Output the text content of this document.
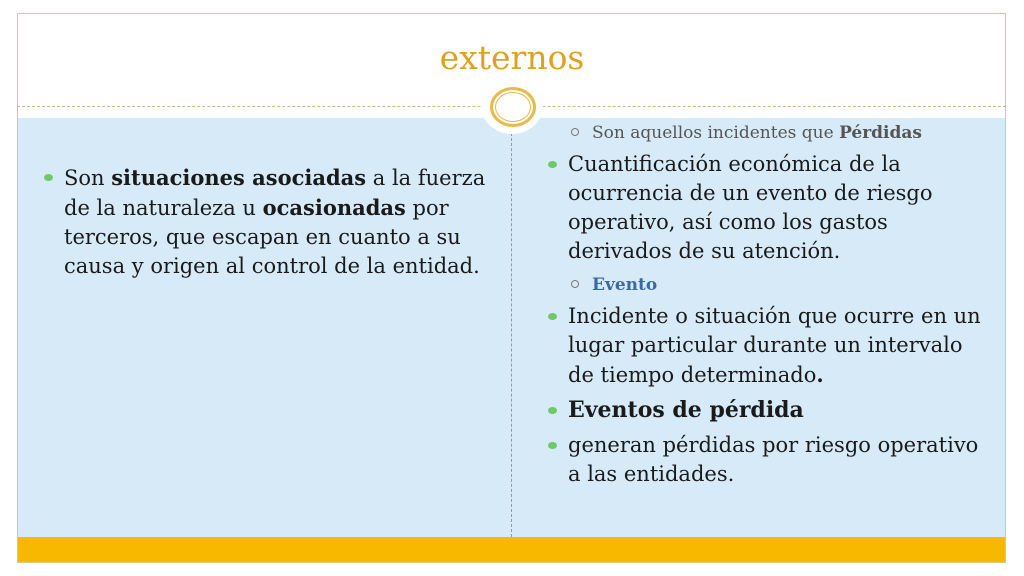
externos
Son situaciones asociadas a la fuerza de la naturaleza u ocasionadas por terceros, que escapan en cuanto a su causa y origen al control de la entidad.
Son aquellos incidentes que Pérdidas
Cuantificación económica de la ocurrencia de un evento de riesgo operativo, así como los gastos derivados de su atención.
Evento
Incidente o situación que ocurre en un lugar particular durante un intervalo de tiempo determinado.
Eventos de pérdida
generan pérdidas por riesgo operativo a las entidades.
